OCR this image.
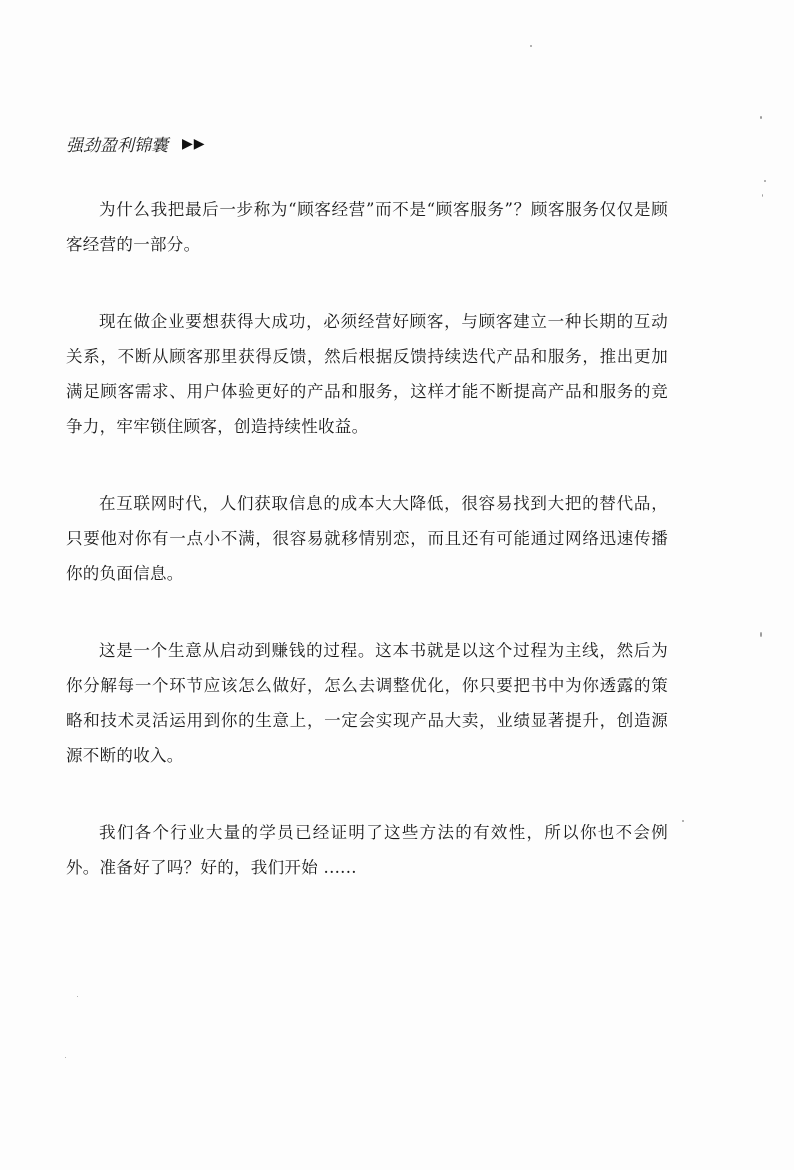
强劲盈利锦囊 ▶▶

为什么我把最后一步称为“顾客经营”而不是“顾客服务”？顾客服务仅仅是顾客经营的一部分。

现在做企业要想获得大成功，必须经营好顾客，与顾客建立一种长期的互动关系，不断从顾客那里获得反馈，然后根据反馈持续迭代产品和服务，推出更加满足顾客需求、用户体验更好的产品和服务，这样才能不断提高产品和服务的竞争力，牢牢锁住顾客，创造持续性收益。

在互联网时代，人们获取信息的成本大大降低，很容易找到大把的替代品，只要他对你有一点小不满，很容易就移情别恋，而且还有可能通过网络迅速传播你的负面信息。

这是一个生意从启动到赚钱的过程。这本书就是以这个过程为主线，然后为你分解每一个环节应该怎么做好，怎么去调整优化，你只要把书中为你透露的策略和技术灵活运用到你的生意上，一定会实现产品大卖，业绩显著提升，创造源源不断的收入。

我们各个行业大量的学员已经证明了这些方法的有效性，所以你也不会例外。准备好了吗？好的，我们开始 ......
